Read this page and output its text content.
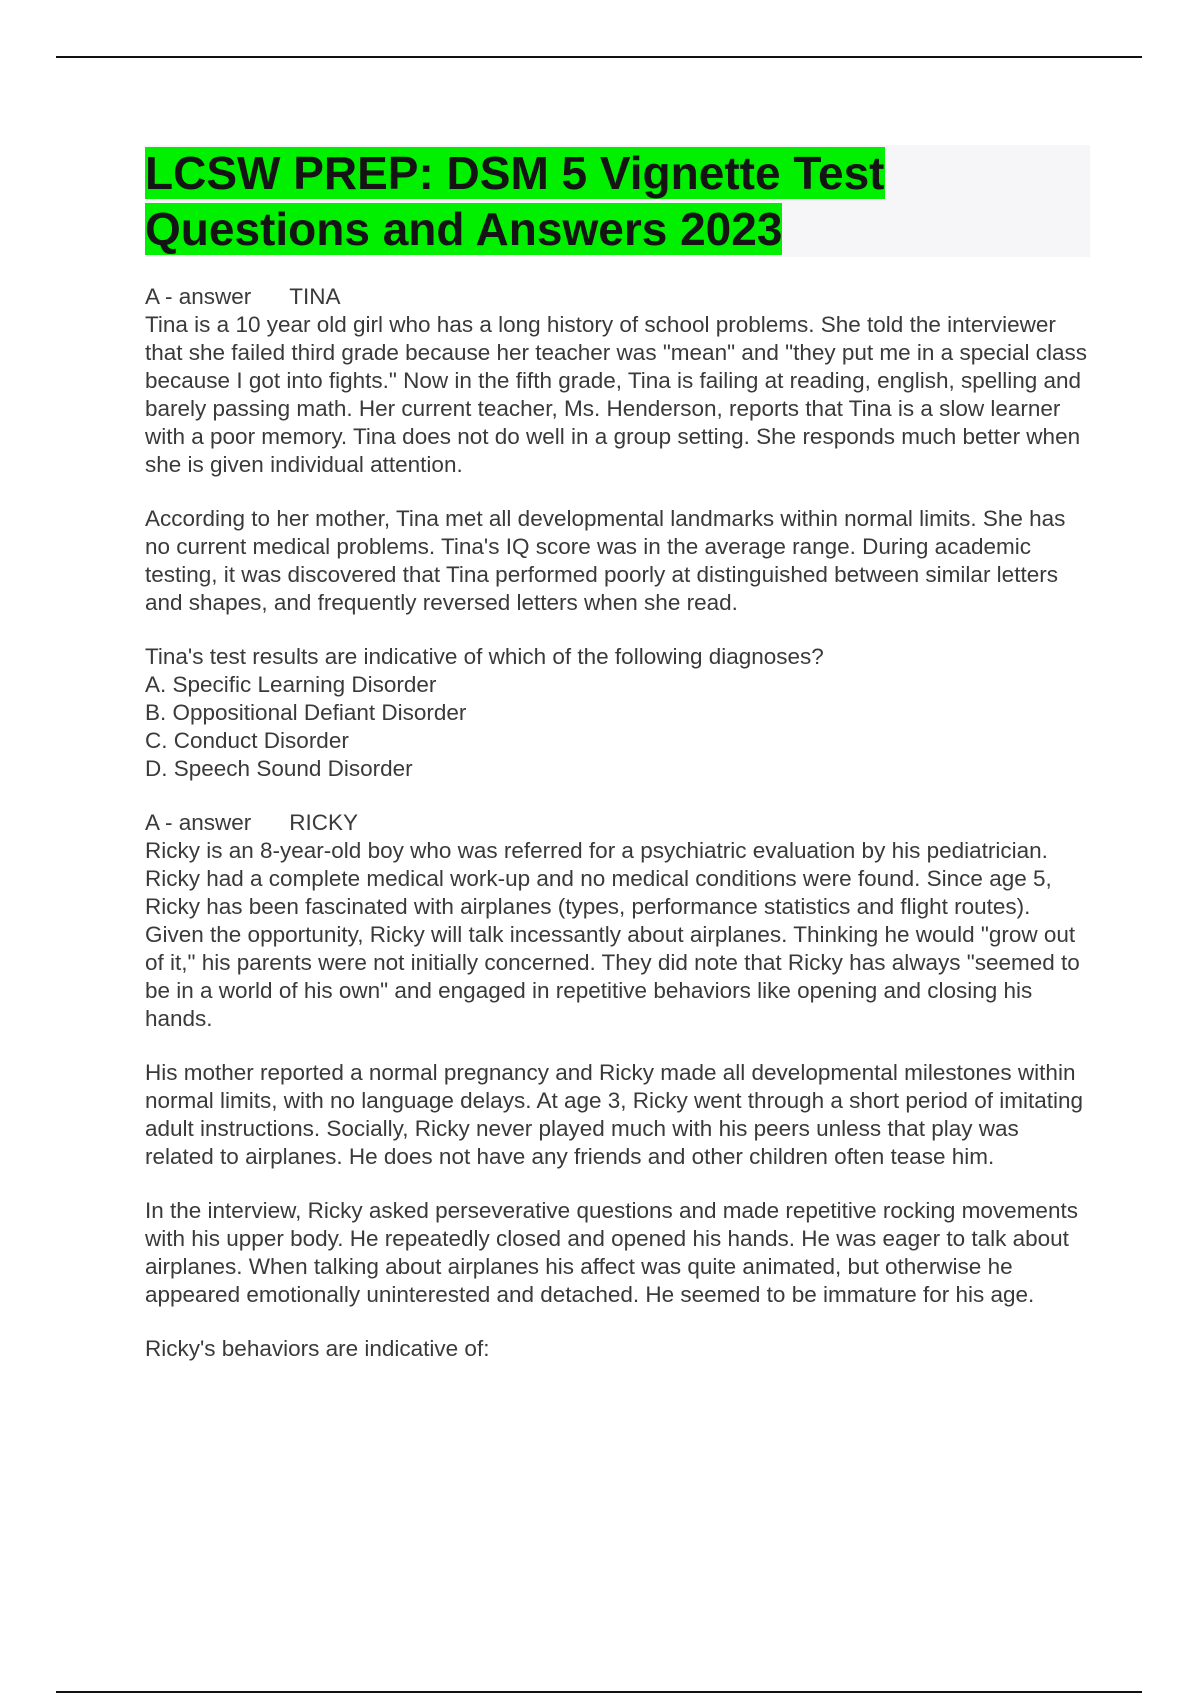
LCSW PREP: DSM 5 Vignette Test
Questions and Answers 2023

A - answer TINA

Tina is a 10 year old girl who has a long history of school problems. She told the interviewer that she failed third grade because her teacher was "mean" and "they put me in a special class because I got into fights." Now in the fifth grade, Tina is failing at reading, english, spelling and barely passing math. Her current teacher, Ms. Henderson, reports that Tina is a slow learner with a poor memory. Tina does not do well in a group setting. She responds much better when she is given individual attention.

According to her mother, Tina met all developmental landmarks within normal limits. She has no current medical problems. Tina's IQ score was in the average range. During academic testing, it was discovered that Tina performed poorly at distinguished between similar letters and shapes, and frequently reversed letters when she read.

Tina's test results are indicative of which of the following diagnoses?

A. Specific Learning Disorder
B. Oppositional Defiant Disorder
C. Conduct Disorder
D. Speech Sound Disorder

A - answer RICKY

Ricky is an 8-year-old boy who was referred for a psychiatric evaluation by his pediatrician. Ricky had a complete medical work-up and no medical conditions were found. Since age 5, Ricky has been fascinated with airplanes (types, performance statistics and flight routes). Given the opportunity, Ricky will talk incessantly about airplanes. Thinking he would "grow out of it," his parents were not initially concerned. They did note that Ricky has always "seemed to be in a world of his own" and engaged in repetitive behaviors like opening and closing his hands.

His mother reported a normal pregnancy and Ricky made all developmental milestones within normal limits, with no language delays. At age 3, Ricky went through a short period of imitating adult instructions. Socially, Ricky never played much with his peers unless that play was related to airplanes. He does not have any friends and other children often tease him.

In the interview, Ricky asked perseverative questions and made repetitive rocking movements with his upper body. He repeatedly closed and opened his hands. He was eager to talk about airplanes. When talking about airplanes his affect was quite animated, but otherwise he appeared emotionally uninterested and detached. He seemed to be immature for his age.

Ricky's behaviors are indicative of:
